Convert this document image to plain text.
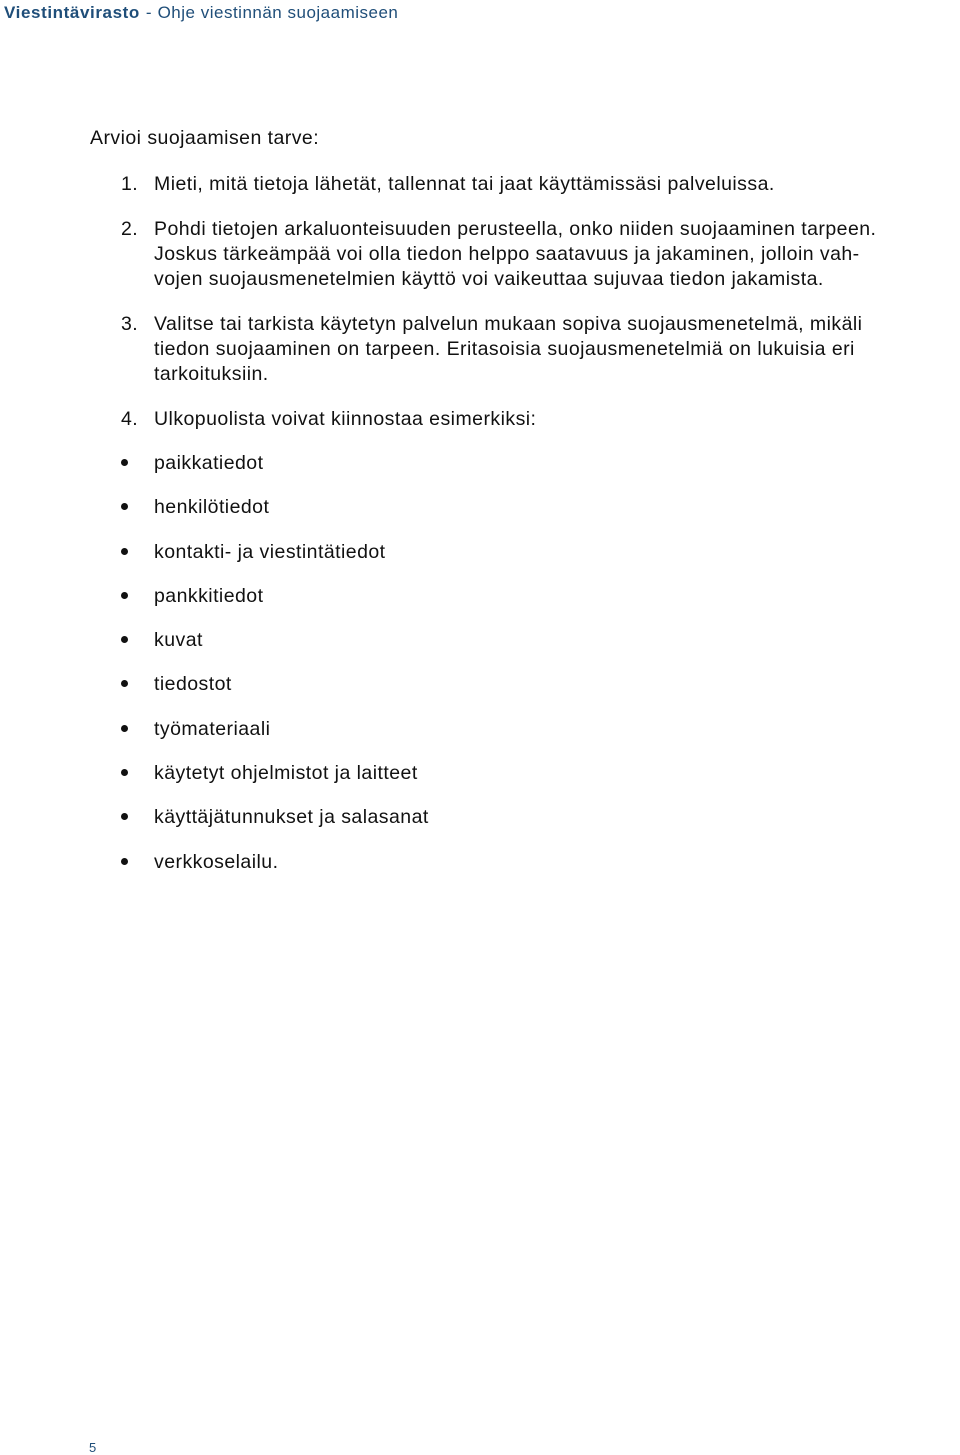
Viestintävirasto - Ohje viestinnän suojaamiseen
Arvioi suojaamisen tarve:
1. Mieti, mitä tietoja lähetät, tallennat tai jaat käyttämissäsi palveluissa.

2. Pohdi tietojen arkaluonteisuuden perusteella, onko niiden suojaaminen tarpeen.

Joskus tärkeämpää voi olla tiedon helppo saatavuus ja jakaminen, jolloin vah-

vojen suojausmenetelmien käyttö voi vaikeuttaa sujuvaa tiedon jakamista.

3. Valitse tai tarkista käytetyn palvelun mukaan sopiva suojausmenetelmä, mikäli

tiedon suojaaminen on tarpeen. Eritasoisia suojausmenetelmiä on lukuisia eri

tarkoituksiin.

4. Ulkopuolista voivat kiinnostaa esimerkiksi:

paikkatiedot
henkilötiedot
kontakti- ja viestintätiedot
pankkitiedot
kuvat
tiedostot
työmateriaali
käytetyt ohjelmistot ja laitteet
käyttäjätunnukset ja salasanat
verkkoselailu.
5
